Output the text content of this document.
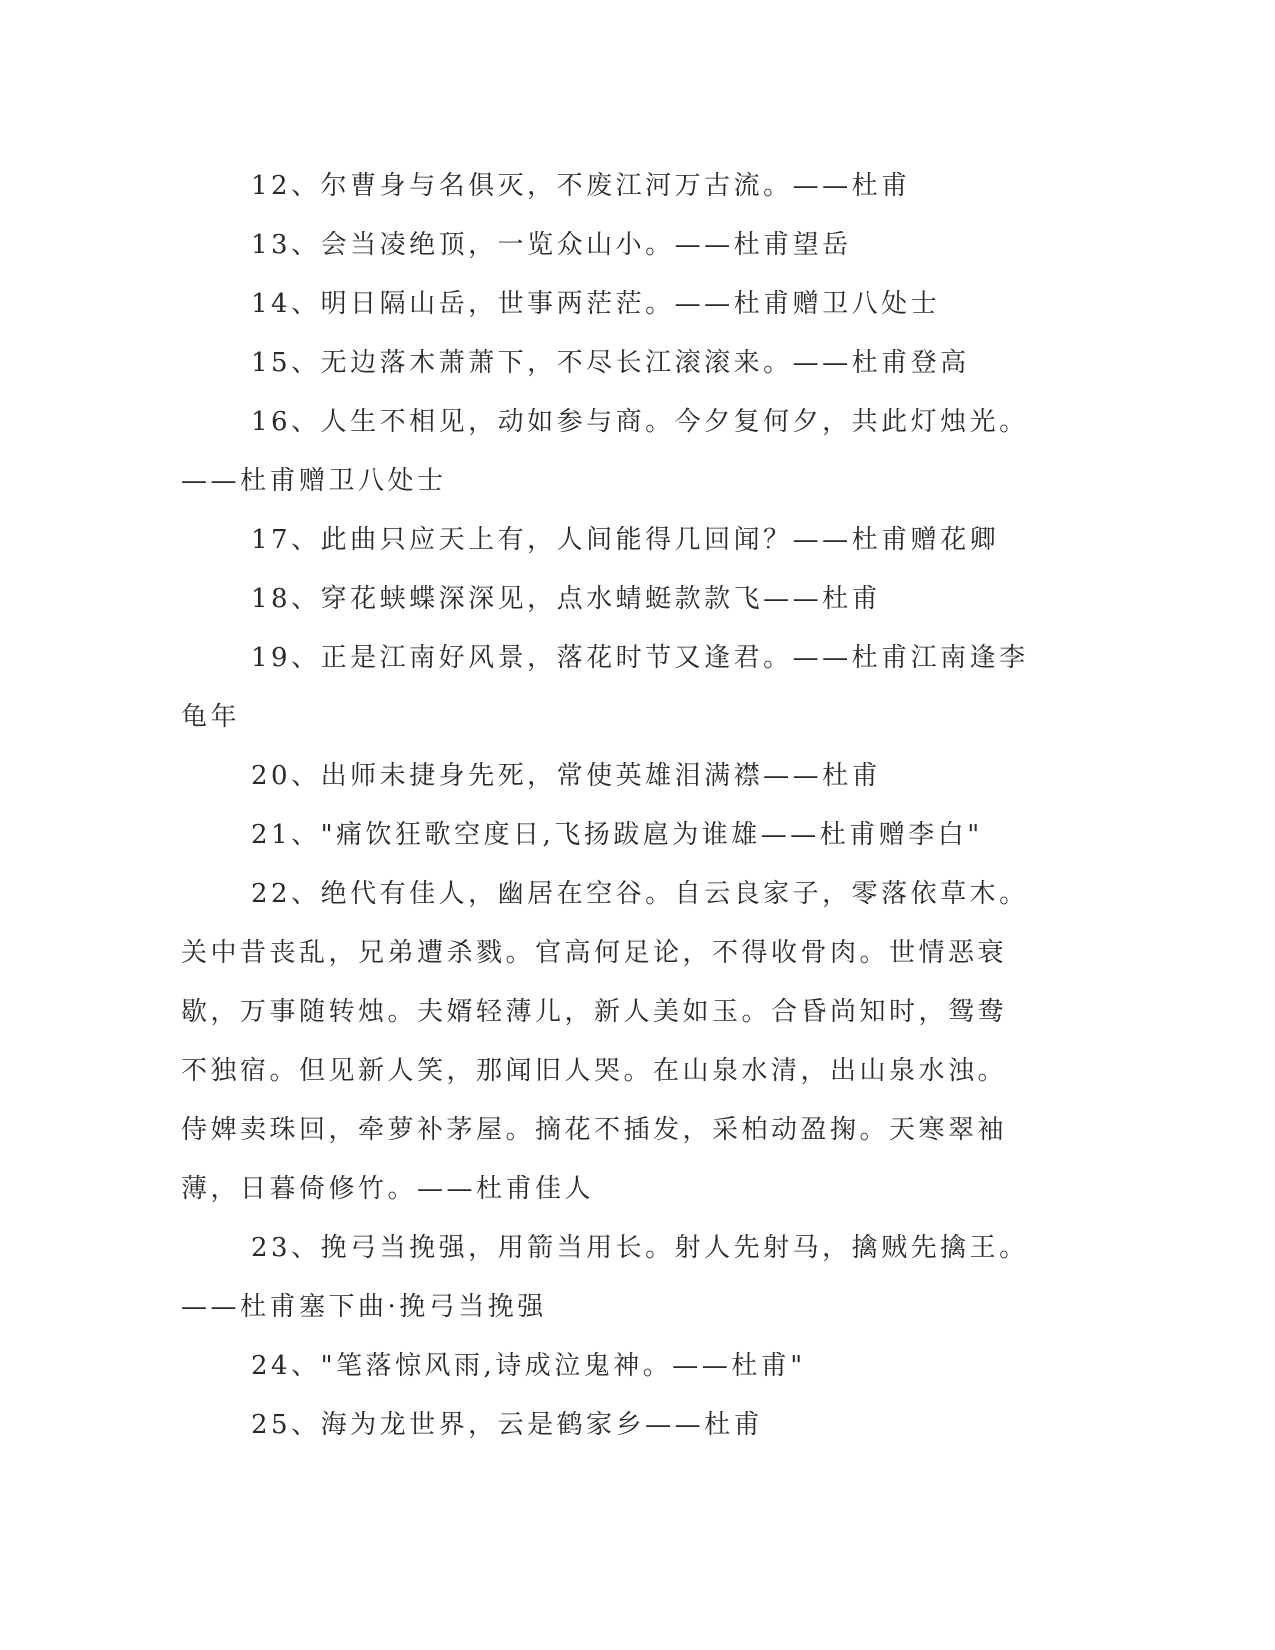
12、尔曹身与名俱灭，不废江河万古流。——杜甫

13、会当凌绝顶，一览众山小。——杜甫望岳

14、明日隔山岳，世事两茫茫。——杜甫赠卫八处士

15、无边落木萧萧下，不尽长江滚滚来。——杜甫登高

16、人生不相见，动如参与商。今夕复何夕，共此灯烛光。——杜甫赠卫八处士

17、此曲只应天上有，人间能得几回闻？——杜甫赠花卿

18、穿花蛱蝶深深见，点水蜻蜓款款飞——杜甫

19、正是江南好风景，落花时节又逢君。——杜甫江南逢李龟年

20、出师未捷身先死，常使英雄泪满襟——杜甫

21、"痛饮狂歌空度日,飞扬跋扈为谁雄——杜甫赠李白"

22、绝代有佳人，幽居在空谷。自云良家子，零落依草木。关中昔丧乱，兄弟遭杀戮。官高何足论，不得收骨肉。世情恶衰歇，万事随转烛。夫婿轻薄儿，新人美如玉。合昏尚知时，鸳鸯不独宿。但见新人笑，那闻旧人哭。在山泉水清，出山泉水浊。侍婢卖珠回，牵萝补茅屋。摘花不插发，采柏动盈掬。天寒翠袖薄，日暮倚修竹。——杜甫佳人

23、挽弓当挽强，用箭当用长。射人先射马，擒贼先擒王。——杜甫塞下曲·挽弓当挽强

24、"笔落惊风雨,诗成泣鬼神。——杜甫"

25、海为龙世界，云是鹤家乡——杜甫
